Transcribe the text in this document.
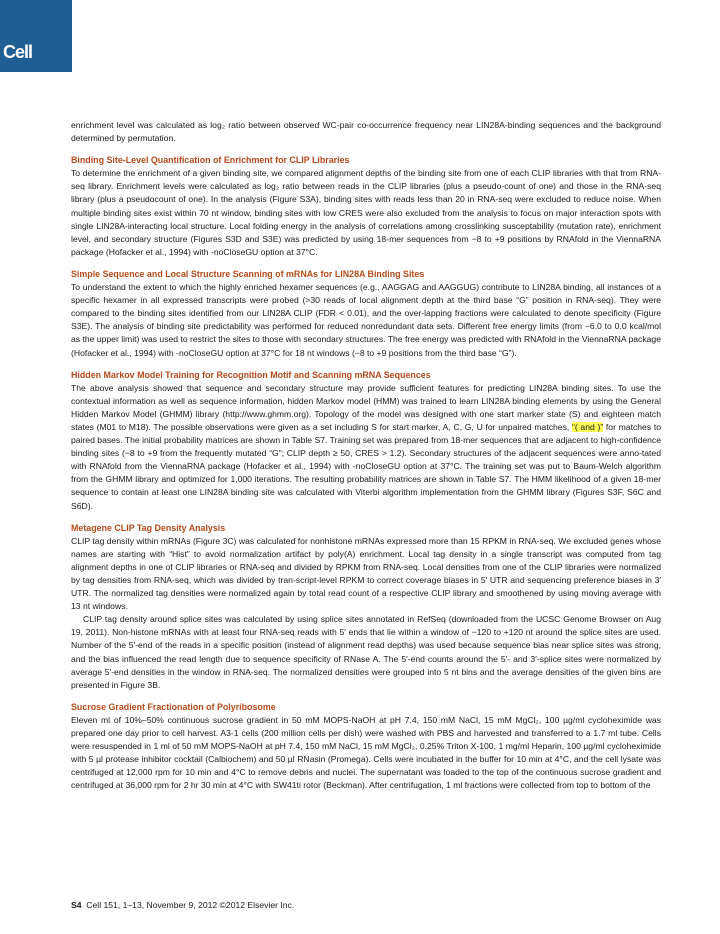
Cell

enrichment level was calculated as log₂ ratio between observed WC-pair co-occurrence frequency near LIN28A-binding sequences and the background determined by permutation.

Binding Site-Level Quantification of Enrichment for CLIP Libraries

To determine the enrichment of a given binding site, we compared alignment depths of the binding site from one of each CLIP libraries with that from RNA-seq library. Enrichment levels were calculated as log₂ ratio between reads in the CLIP libraries (plus a pseudo-count of one) and those in the RNA-seq library (plus a pseudocount of one). In the analysis (Figure S3A), binding sites with reads less than 20 in RNA-seq were excluded to reduce noise. When multiple binding sites exist within 70 nt window, binding sites with low CRES were also excluded from the analysis to focus on major interaction spots with single LIN28A-interacting local structure. Local folding energy in the analysis of correlations among crosslinking susceptability (mutation rate), enrichment level, and secondary structure (Figures S3D and S3E) was predicted by using 18-mer sequences from −8 to +9 positions by RNAfold in the ViennaRNA package (Hofacker et al., 1994) with -noCloseGU option at 37°C.

Simple Sequence and Local Structure Scanning of mRNAs for LIN28A Binding Sites

To understand the extent to which the highly enriched hexamer sequences (e.g., AAGGAG and AAGGUG) contribute to LIN28A binding, all instances of a specific hexamer in all expressed transcripts were probed (>30 reads of local alignment depth at the third base “G” position in RNA-seq). They were compared to the binding sites identified from our LIN28A CLIP (FDR < 0.01), and the over-lapping fractions were calculated to denote specificity (Figure S3E). The analysis of binding site predictability was performed for reduced nonredundant data sets. Different free energy limits (from −6.0 to 0.0 kcal/mol as the upper limit) was used to restrict the sites to those with secondary structures. The free energy was predicted with RNAfold in the ViennaRNA package (Hofacker et al., 1994) with -noCloseGU option at 37°C for 18 nt windows (−8 to +9 positions from the third base “G”).

Hidden Markov Model Training for Recognition Motif and Scanning mRNA Sequences

The above analysis showed that sequence and secondary structure may provide sufficient features for predicting LIN28A binding sites. To use the contextual information as well as sequence information, hidden Markov model (HMM) was trained to learn LIN28A binding elements by using the General Hidden Markov Model (GHMM) library (http://www.ghmm.org). Topology of the model was designed with one start marker state (S) and eighteen match states (M01 to M18). The possible observations were given as a set including S for start marker, A, C, G, U for unpaired matches, “( and )” for matches to paired bases. The initial probability matrices are shown in Table S7. Training set was prepared from 18-mer sequences that are adjacent to high-confidence binding sites (−8 to +9 from the frequently mutated “G”; CLIP depth ≥ 50, CRES > 1.2). Secondary structures of the adjacent sequences were anno-tated with RNAfold from the ViennaRNA package (Hofacker et al., 1994) with -noCloseGU option at 37°C. The training set was put to Baum-Welch algorithm from the GHMM library and optimized for 1,000 iterations. The resulting probability matrices are shown in Table S7. The HMM likelihood of a given 18-mer sequence to contain at least one LIN28A binding site was calculated with Viterbi algorithm implementation from the GHMM library (Figures S3F, S6C and S6D).

Metagene CLIP Tag Density Analysis

CLIP tag density within mRNAs (Figure 3C) was calculated for nonhistone mRNAs expressed more than 15 RPKM in RNA-seq. We excluded genes whose names are starting with “Hist” to avoid normalization artifact by poly(A) enrichment. Local tag density in a single transcript was computed from tag alignment depths in one of CLIP libraries or RNA-seq and divided by RPKM from RNA-seq. Local densities from one of the CLIP libraries were normalized by tag densities from RNA-seq, which was divided by tran-script-level RPKM to correct coverage biases in 5′ UTR and sequencing preference biases in 3′ UTR. The normalized tag densities were normalized again by total read count of a respective CLIP library and smoothened by using moving average with 13 nt windows.

CLIP tag density around splice sites was calculated by using splice sites annotated in RefSeq (downloaded from the UCSC Genome Browser on Aug 19, 2011). Non-histone mRNAs with at least four RNA-seq reads with 5′ ends that lie within a window of −120 to +120 nt around the splice sites are used. Number of the 5′-end of the reads in a specific position (instead of alignment read depths) was used because sequence bias near splice sites was strong, and the bias influenced the read length due to sequence specificity of RNase A. The 5′-end counts around the 5′- and 3′-splice sites were normalized by average 5′-end densities in the window in RNA-seq. The normalized densities were grouped into 5 nt bins and the average densities of the given bins are presented in Figure 3B.

Sucrose Gradient Fractionation of Polyribosome

Eleven ml of 10%–50% continuous sucrose gradient in 50 mM MOPS-NaOH at pH 7.4, 150 mM NaCl, 15 mM MgCl₂, 100 µg/ml cycloheximide was prepared one day prior to cell harvest. A3-1 cells (200 million cells per dish) were washed with PBS and harvested and transferred to a 1.7 ml tube. Cells were resuspended in 1 ml of 50 mM MOPS-NaOH at pH 7.4, 150 mM NaCl, 15 mM MgCl₂, 0.25% Triton X-100, 1 mg/ml Heparin, 100 µg/ml cycloheximide with 5 µl protease inhibitor cocktail (Calbiochem) and 50 µl RNasin (Promega). Cells were incubated in the buffer for 10 min at 4°C, and the cell lysate was centrifuged at 12,000 rpm for 10 min and 4°C to remove debris and nuclei. The supernatant was loaded to the top of the continuous sucrose gradient and centrifuged at 36,000 rpm for 2 hr 30 min at 4°C with SW41ti rotor (Beckman). After centrifugation, 1 ml fractions were collected from top to bottom of the

S4 Cell 151, 1–13, November 9, 2012 ©2012 Elsevier Inc.
